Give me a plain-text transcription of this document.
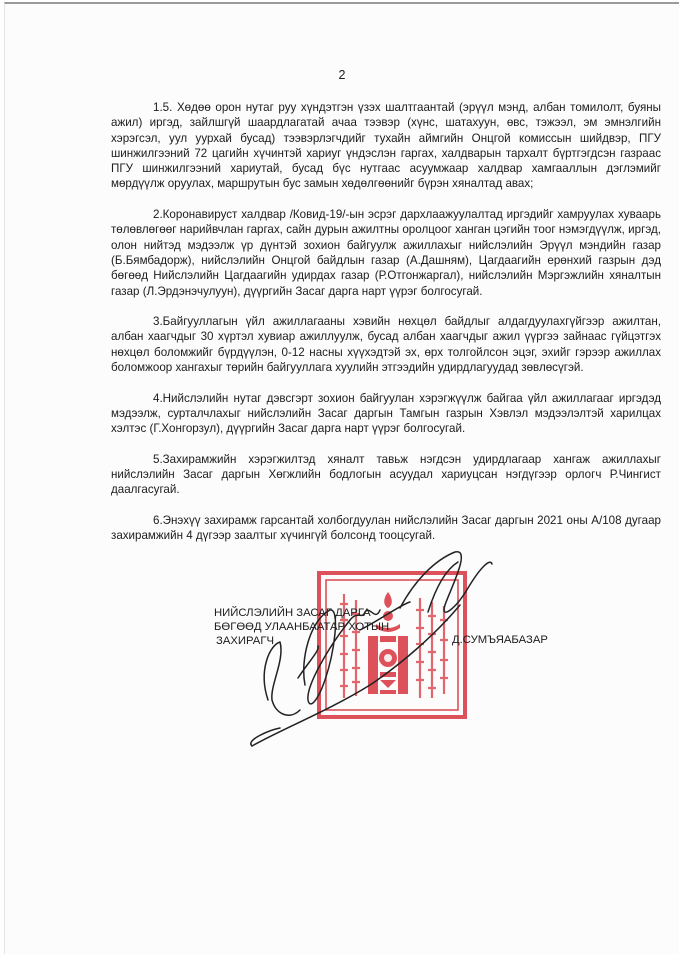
2

1.5. Хөдөө орон нутаг руу хүндэтгэн үзэх шалтгаантай (эрүүл мэнд, албан томилолт, буяны ажил) иргэд, зайлшгүй шаардлагатай ачаа тээвэр (хүнс, шатахуун, өвс, тэжээл, эм эмнэлгийн хэрэгсэл, уул уурхай бусад) тээвэрлэгчдийг тухайн аймгийн Онцгой комиссын шийдвэр, ПГУ шинжилгээний 72 цагийн хүчинтэй хариуг үндэслэн гаргах, халдварын тархалт бүртгэгдсэн газраас ПГУ шинжилгээний хариутай, бусад бүс нутгаас асуумжаар халдвар хамгааллын дэглэмийг мөрдүүлж оруулах, маршрутын бус замын хөдөлгөөнийг бүрэн хяналтад авах;

2.Коронавируст халдвар /Ковид-19/-ын эсрэг дархлаажуулалтад иргэдийг хамруулах хуваарь төлөвлөгөөг нарийвчлан гаргах, сайн дурын ажилтны оролцоог ханган цэгийн тоог нэмэгдүүлж, иргэд, олон нийтэд мэдээлж үр дүнтэй зохион байгуулж ажиллахыг нийслэлийн Эрүүл мэндийн газар (Б.Бямбадорж), нийслэлийн Онцгой байдлын газар (А.Дашням), Цагдаагийн ерөнхий газрын дэд бөгөөд Нийслэлийн Цагдаагийн удирдах газар (Р.Отгонжаргал), нийслэлийн Мэргэжлийн хяналтын газар (Л.Эрдэнэчулуун), дүүргийн Засаг дарга нарт үүрэг болгосугай.

3.Байгууллагын үйл ажиллагааны хэвийн нөхцөл байдлыг алдагдуулахгүйгээр ажилтан, албан хаагчдыг 30 хүртэл хувиар ажиллуулж, бусад албан хаагчдыг ажил үүргээ зайнаас гүйцэтгэх нөхцөл боломжийг бүрдүүлэн, 0-12 насны хүүхэдтэй эх, өрх толгойлсон эцэг, эхийг гэрээр ажиллах боломжоор хангахыг төрийн байгууллага хуулийн этгээдийн удирдлагуудад зөвлөсүгэй.

4.Нийслэлийн нутаг дэвсгэрт зохион байгуулан хэрэгжүүлж байгаа үйл ажиллагааг иргэдэд мэдээлж, сурталчлахыг нийслэлийн Засаг даргын Тамгын газрын Хэвлэл мэдээлэлтэй харилцах хэлтэс (Г.Хонгорзул), дүүргийн Засаг дарга нарт үүрэг болгосугай.

5.Захирамжийн хэрэгжилтэд хяналт тавьж нэгдсэн удирдлагаар хангаж ажиллахыг нийслэлийн Засаг даргын Хөгжлийн бодлогын асуудал хариуцсан нэгдүгээр орлогч Р.Чингист даалгасугай.

6.Энэхүү захирамж гарсантай холбогдуулан нийслэлийн Засаг даргын 2021 оны А/108 дугаар захирамжийн 4 дүгээр заалтыг хүчингүй болсонд тооцсугай.

НИЙСЛЭЛИЙН ЗАСАГ ДАРГА
БӨГӨӨД УЛААНБААТАР ХОТЫН
ЗАХИРАГЧ	Д.СУМЪЯАБАЗАР
